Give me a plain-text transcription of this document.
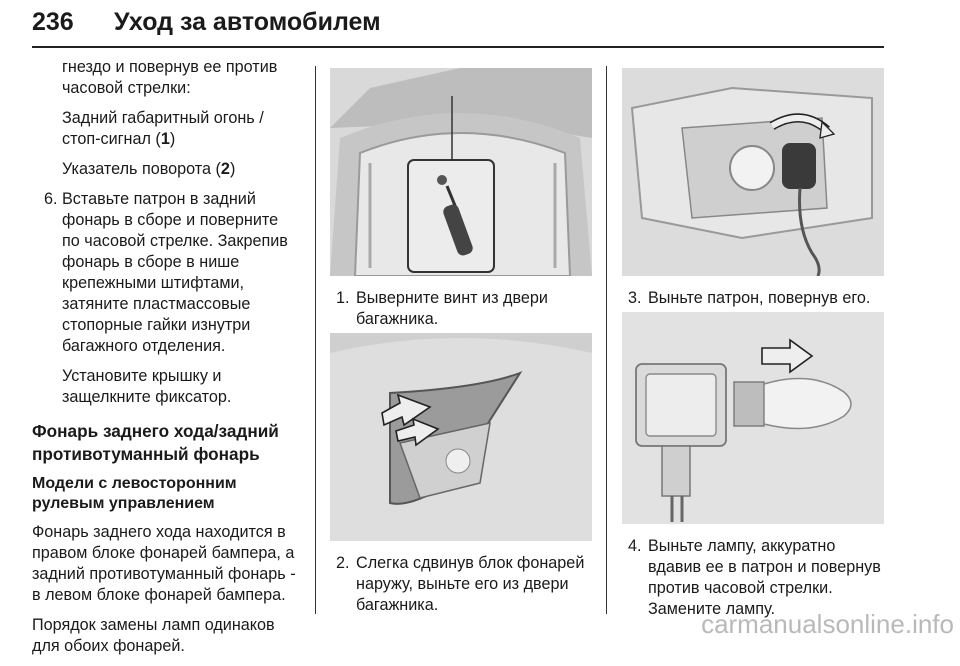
236 Уход за автомобилем

гнездо и повернув ее против часовой стрелки:

Задний габаритный огонь / стоп-сигнал (1)

Указатель поворота (2)

6. Вставьте патрон в задний фонарь в сборе и поверните по часовой стрелке. Закрепив фонарь в сборе в нише крепежными штифтами, затяните пластмассовые стопорные гайки изнутри багажного отделения.

Установите крышку и защелкните фиксатор.

Фонарь заднего хода/задний противотуманный фонарь
Модели с левосторонним рулевым управлением

Фонарь заднего хода находится в правом блоке фонарей бампера, а задний противотуманный фонарь - в левом блоке фонарей бампера.

Порядок замены ламп одинаков для обоих фонарей.

1. Выверните винт из двери багажника.
2. Слегка сдвинув блок фонарей наружу, выньте его из двери багажника.
3. Выньте патрон, повернув его.
4. Выньте лампу, аккуратно вдавив ее в патрон и повернув против часовой стрелки. Замените лампу.
carmanualsonline.info
